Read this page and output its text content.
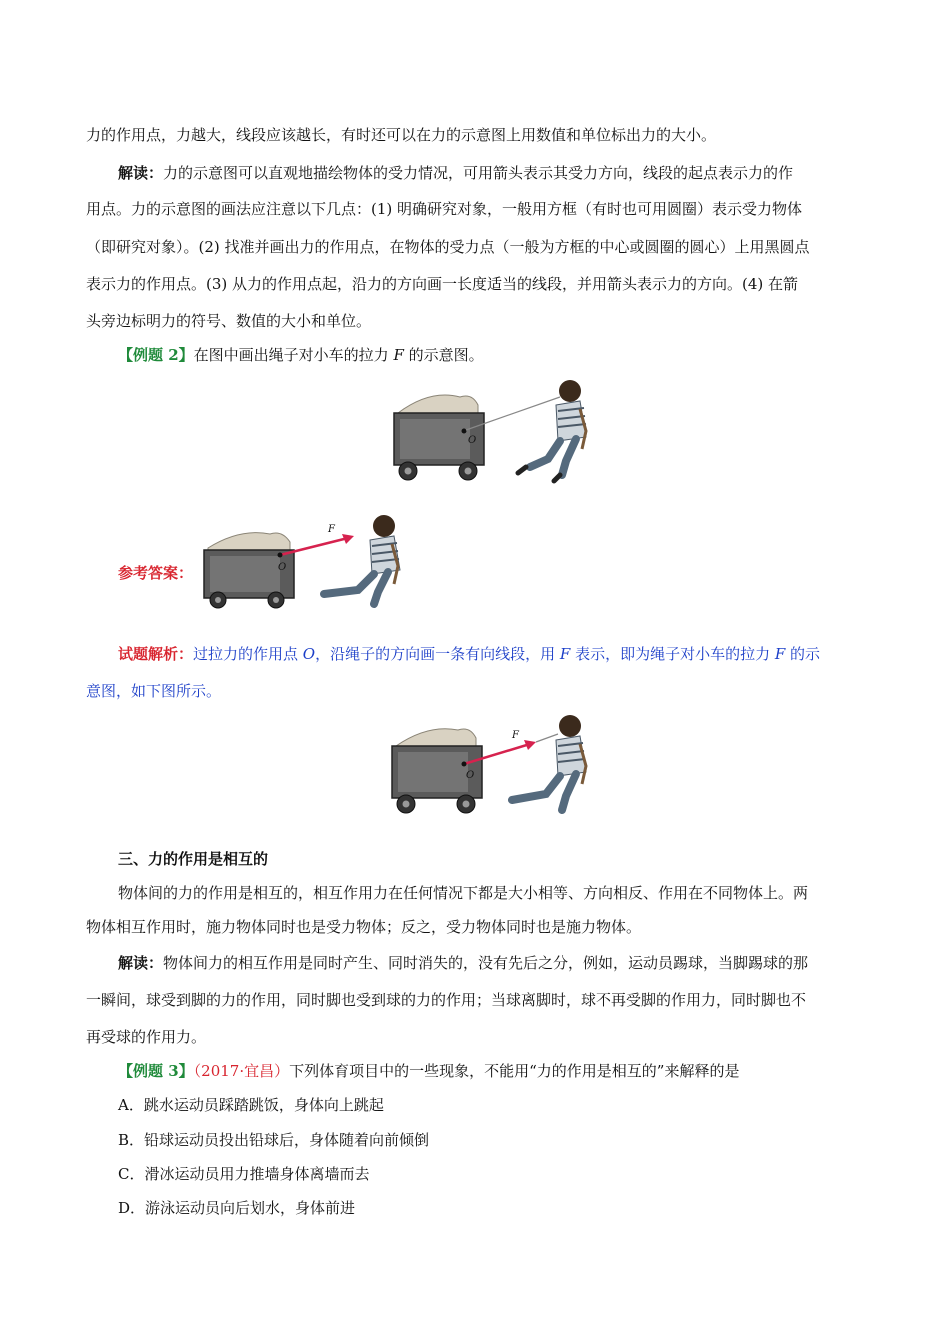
力的作用点，力越大，线段应该越长，有时还可以在力的示意图上用数值和单位标出力的大小。
解读：力的示意图可以直观地描绘物体的受力情况，可用箭头表示其受力方向，线段的起点表示力的作
用点。力的示意图的画法应注意以下几点：(1) 明确研究对象，一般用方框（有时也可用圆圈）表示受力物体
（即研究对象）。(2) 找准并画出力的作用点，在物体的受力点（一般为方框的中心或圆圈的圆心）上用黑圆点
表示力的作用点。(3) 从力的作用点起，沿力的方向画一长度适当的线段，并用箭头表示力的方向。(4) 在箭
头旁边标明力的符号、数值的大小和单位。
【例题 2】在图中画出绳子对小车的拉力 F 的示意图。
O
参考答案：
F
O
试题解析：过拉力的作用点 O，沿绳子的方向画一条有向线段，用 F 表示，即为绳子对小车的拉力 F 的示
意图，如下图所示。
F
O
三、力的作用是相互的
物体间的力的作用是相互的，相互作用力在任何情况下都是大小相等、方向相反、作用在不同物体上。两
物体相互作用时，施力物体同时也是受力物体；反之，受力物体同时也是施力物体。
解读：物体间力的相互作用是同时产生、同时消失的，没有先后之分，例如，运动员踢球，当脚踢球的那
一瞬间，球受到脚的力的作用，同时脚也受到球的力的作用；当球离脚时，球不再受脚的作用力，同时脚也不
再受球的作用力。
【例题 3】（2017·宜昌）下列体育项目中的一些现象，不能用“力的作用是相互的”来解释的是
A．跳水运动员踩踏跳饭，身体向上跳起
B．铅球运动员投出铅球后，身体随着向前倾倒
C．滑冰运动员用力推墙身体离墙而去
D．游泳运动员向后划水，身体前进
